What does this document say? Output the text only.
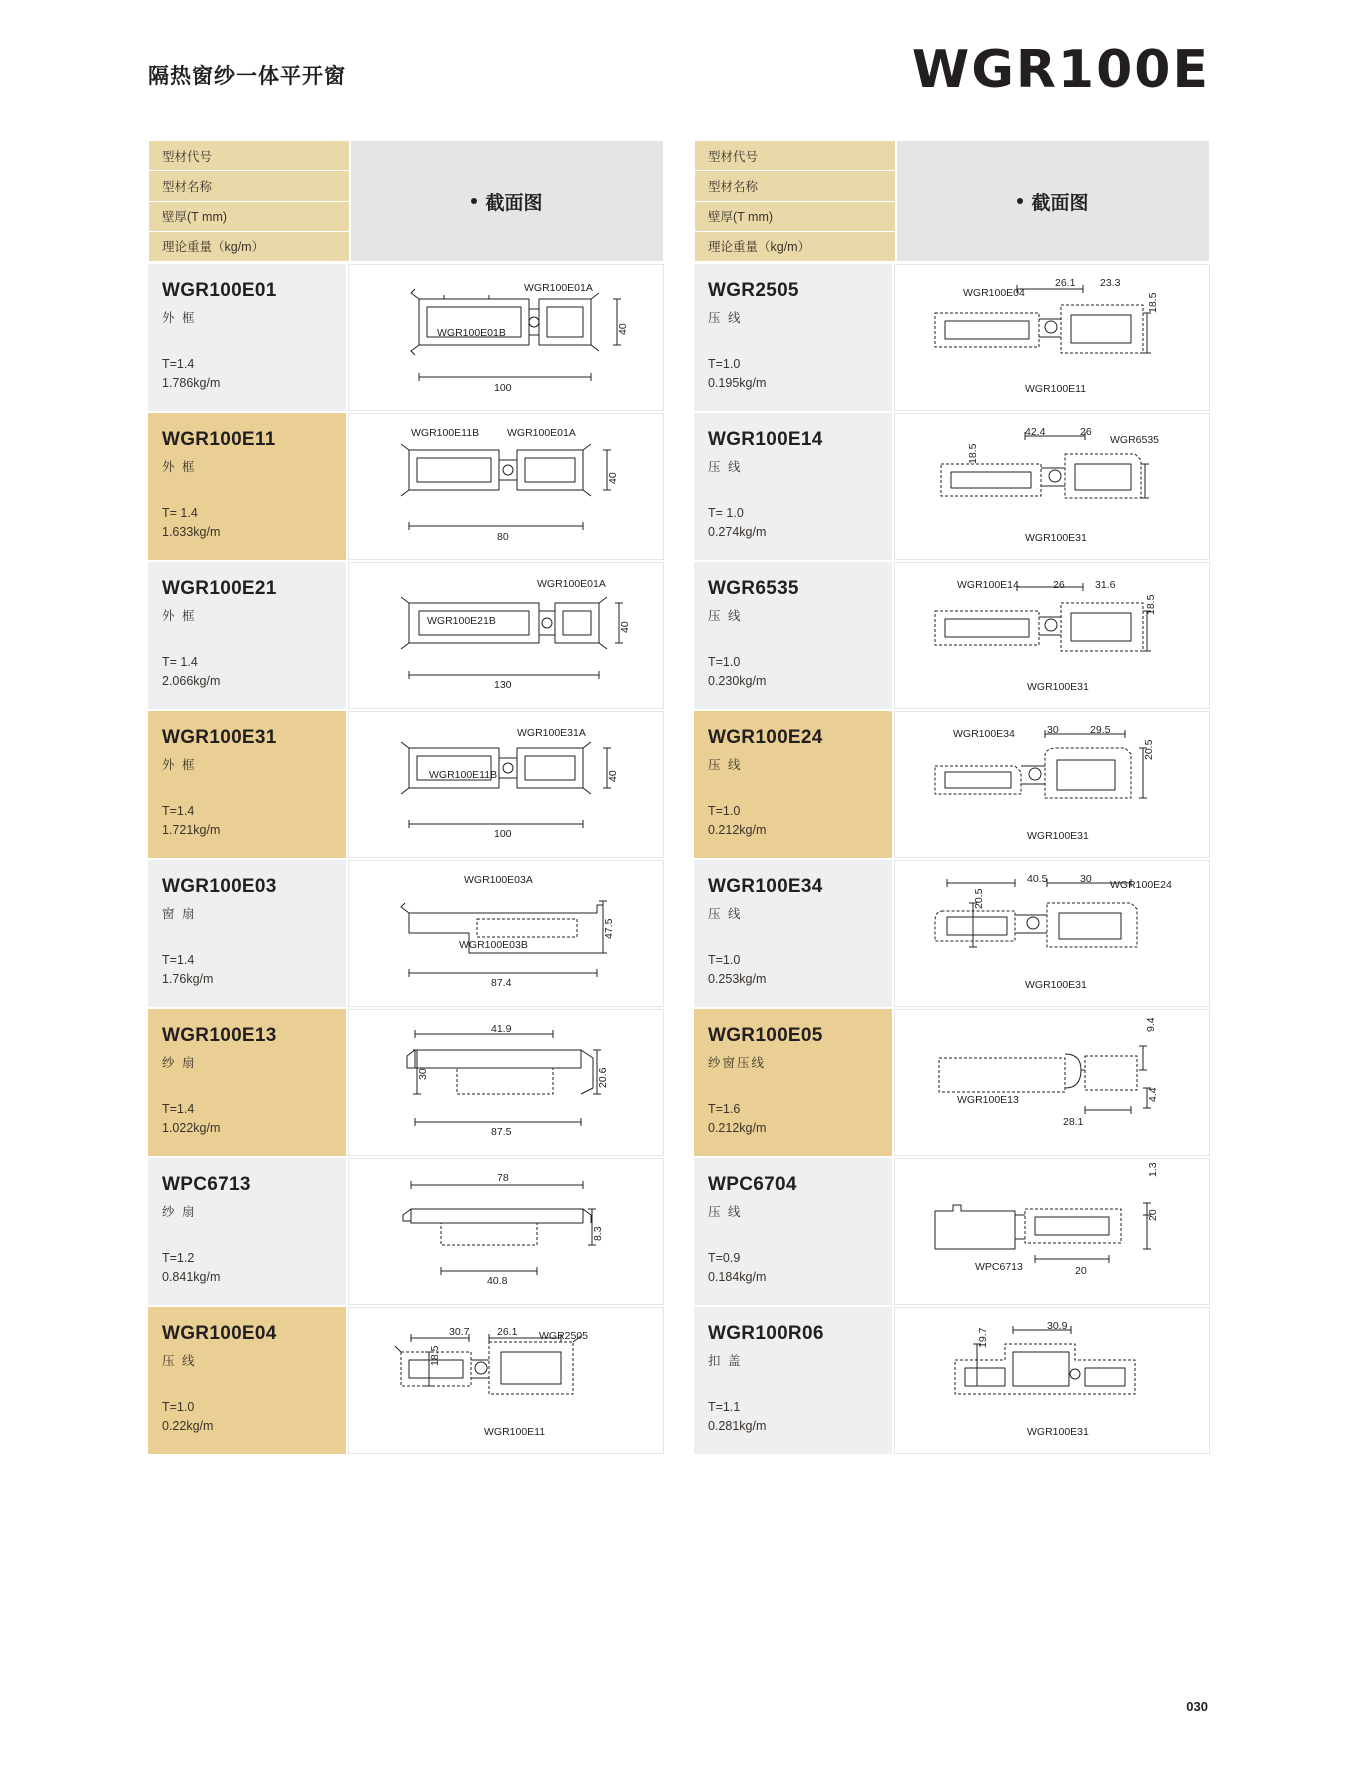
隔热窗纱一体平开窗	WGR100E
型材代号
型材名称
壁厚(T mm)
理论重量（kg/m）
截面图
WGR100E01
外 框
T=1.4
1.786kg/m
WGR100E01A
WGR100E01B	40
100
WGR100E11
外 框
T= 1.4
1.633kg/m
WGR100E11B	WGR100E01A
40
80
WGR100E21
外 框
T= 1.4
2.066kg/m
WGR100E01A
WGR100E21B
40
130
WGR100E31
外 框
T=1.4
1.721kg/m
WGR100E31A
WGR100E11B	40
100
WGR100E03
窗 扇
T=1.4
1.76kg/m
WGR100E03A
WGR100E03B
47.5
87.4
WGR100E13
纱 扇
T=1.4
1.022kg/m
41.9
30	20.6
87.5
WPC6713
纱 扇
T=1.2
0.841kg/m
78
8.3
40.8
WGR100E04
压 线
T=1.0
0.22kg/m
30.7	26.1 WGR2505
18.5
WGR100E11
型材代号
型材名称
壁厚(T mm)
理论重量（kg/m）
截面图
WGR2505
压 线
T=1.0
0.195kg/m
26.1 23.3
WGR100E04	18.5
WGR100E11
WGR100E14
压 线
T= 1.0
0.274kg/m
42.4	26
WGR6535
18.5
WGR100E31
WGR6535
压 线
T=1.0
0.230kg/m
WGR100E14	26	31.6
18.5
WGR100E31
WGR100E24
压 线
T=1.0
0.212kg/m
30	29.5
WGR100E34
20.5
WGR100E31
WGR100E34
压 线
T=1.0
0.253kg/m
40.5	30 WGR100E24
20.5
WGR100E31
WGR100E05
纱窗压线
T=1.6
0.212kg/m
9.4
WGR100E13
28.1
4.4
WPC6704
压 线
T=0.9
0.184kg/m
1.3
20
WPC6713	20
WGR100R06
扣 盖
T=1.1
0.281kg/m
30.9
19.7
WGR100E31
030
